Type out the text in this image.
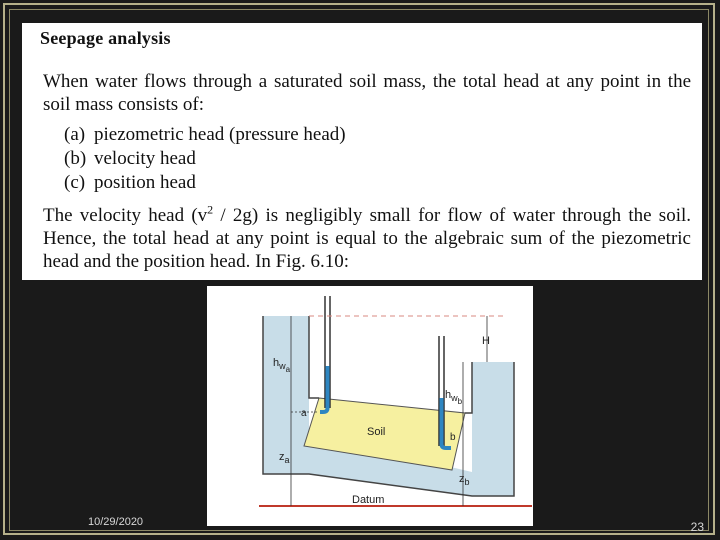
Seepage analysis

When water flows through a saturated soil mass, the total head at any point in the soil mass consists of:

(a) piezometric head (pressure head)
(b) velocity head
(c) position head

The velocity head $(v^2 / 2g)$ is negligibly small for flow of water through the soil. Hence, the total head at any point is equal to the algebraic sum of the piezometric head and the position head. In Fig. 6.10:

H
$h_{wa}$
$h_{wb}$
a
b
Soil
$z_a$
$z_b$
Datum
10/29/2020	23
